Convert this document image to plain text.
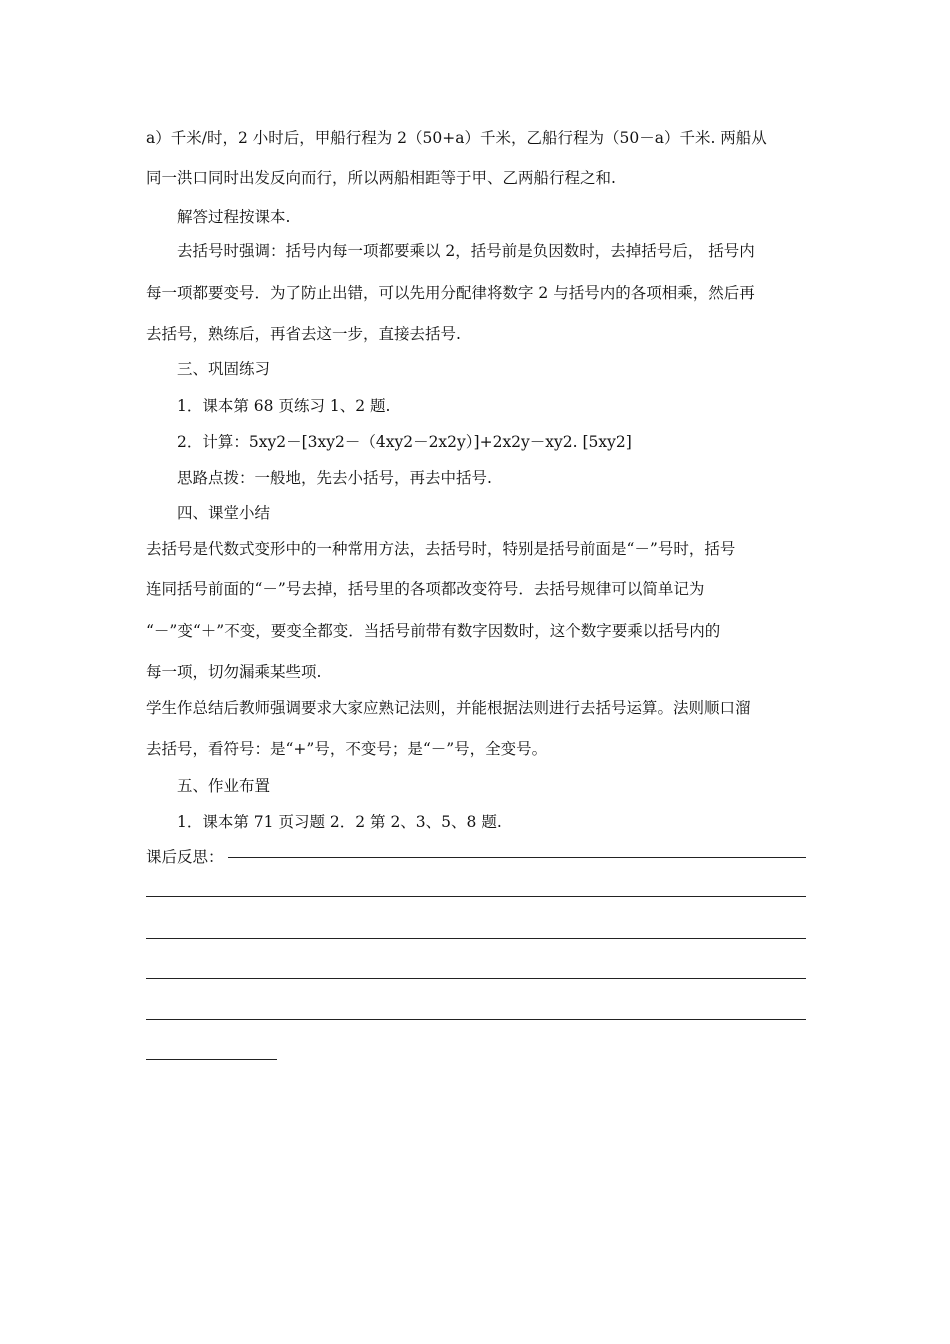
a）千米/时，2 小时后，甲船行程为 2（50+a）千米，乙船行程为（50－a）千米. 两船从
同一洪口同时出发反向而行，所以两船相距等于甲、乙两船行程之和.
解答过程按课本.
去括号时强调：括号内每一项都要乘以 2，括号前是负因数时，去掉括号后， 括号内
每一项都要变号．为了防止出错，可以先用分配律将数字 2 与括号内的各项相乘，然后再
去括号，熟练后，再省去这一步，直接去括号.
三、巩固练习
1．课本第 68 页练习 1、2 题.
2．计算：5xy2－[3xy2－（4xy2－2x2y）]+2x2y－xy2. [5xy2]
思路点拨：一般地，先去小括号，再去中括号.
四、课堂小结
去括号是代数式变形中的一种常用方法，去括号时，特别是括号前面是“－”号时，括号
连同括号前面的“－”号去掉，括号里的各项都改变符号．去括号规律可以简单记为
“－”变“＋”不变，要变全都变．当括号前带有数字因数时，这个数字要乘以括号内的
每一项，切勿漏乘某些项.
学生作总结后教师强调要求大家应熟记法则，并能根据法则进行去括号运算。法则顺口溜
去括号，看符号：是“+”号，不变号；是“－”号，全变号。
五、作业布置
1．课本第 71 页习题 2．2 第 2、3、5、8 题.
课后反思：
